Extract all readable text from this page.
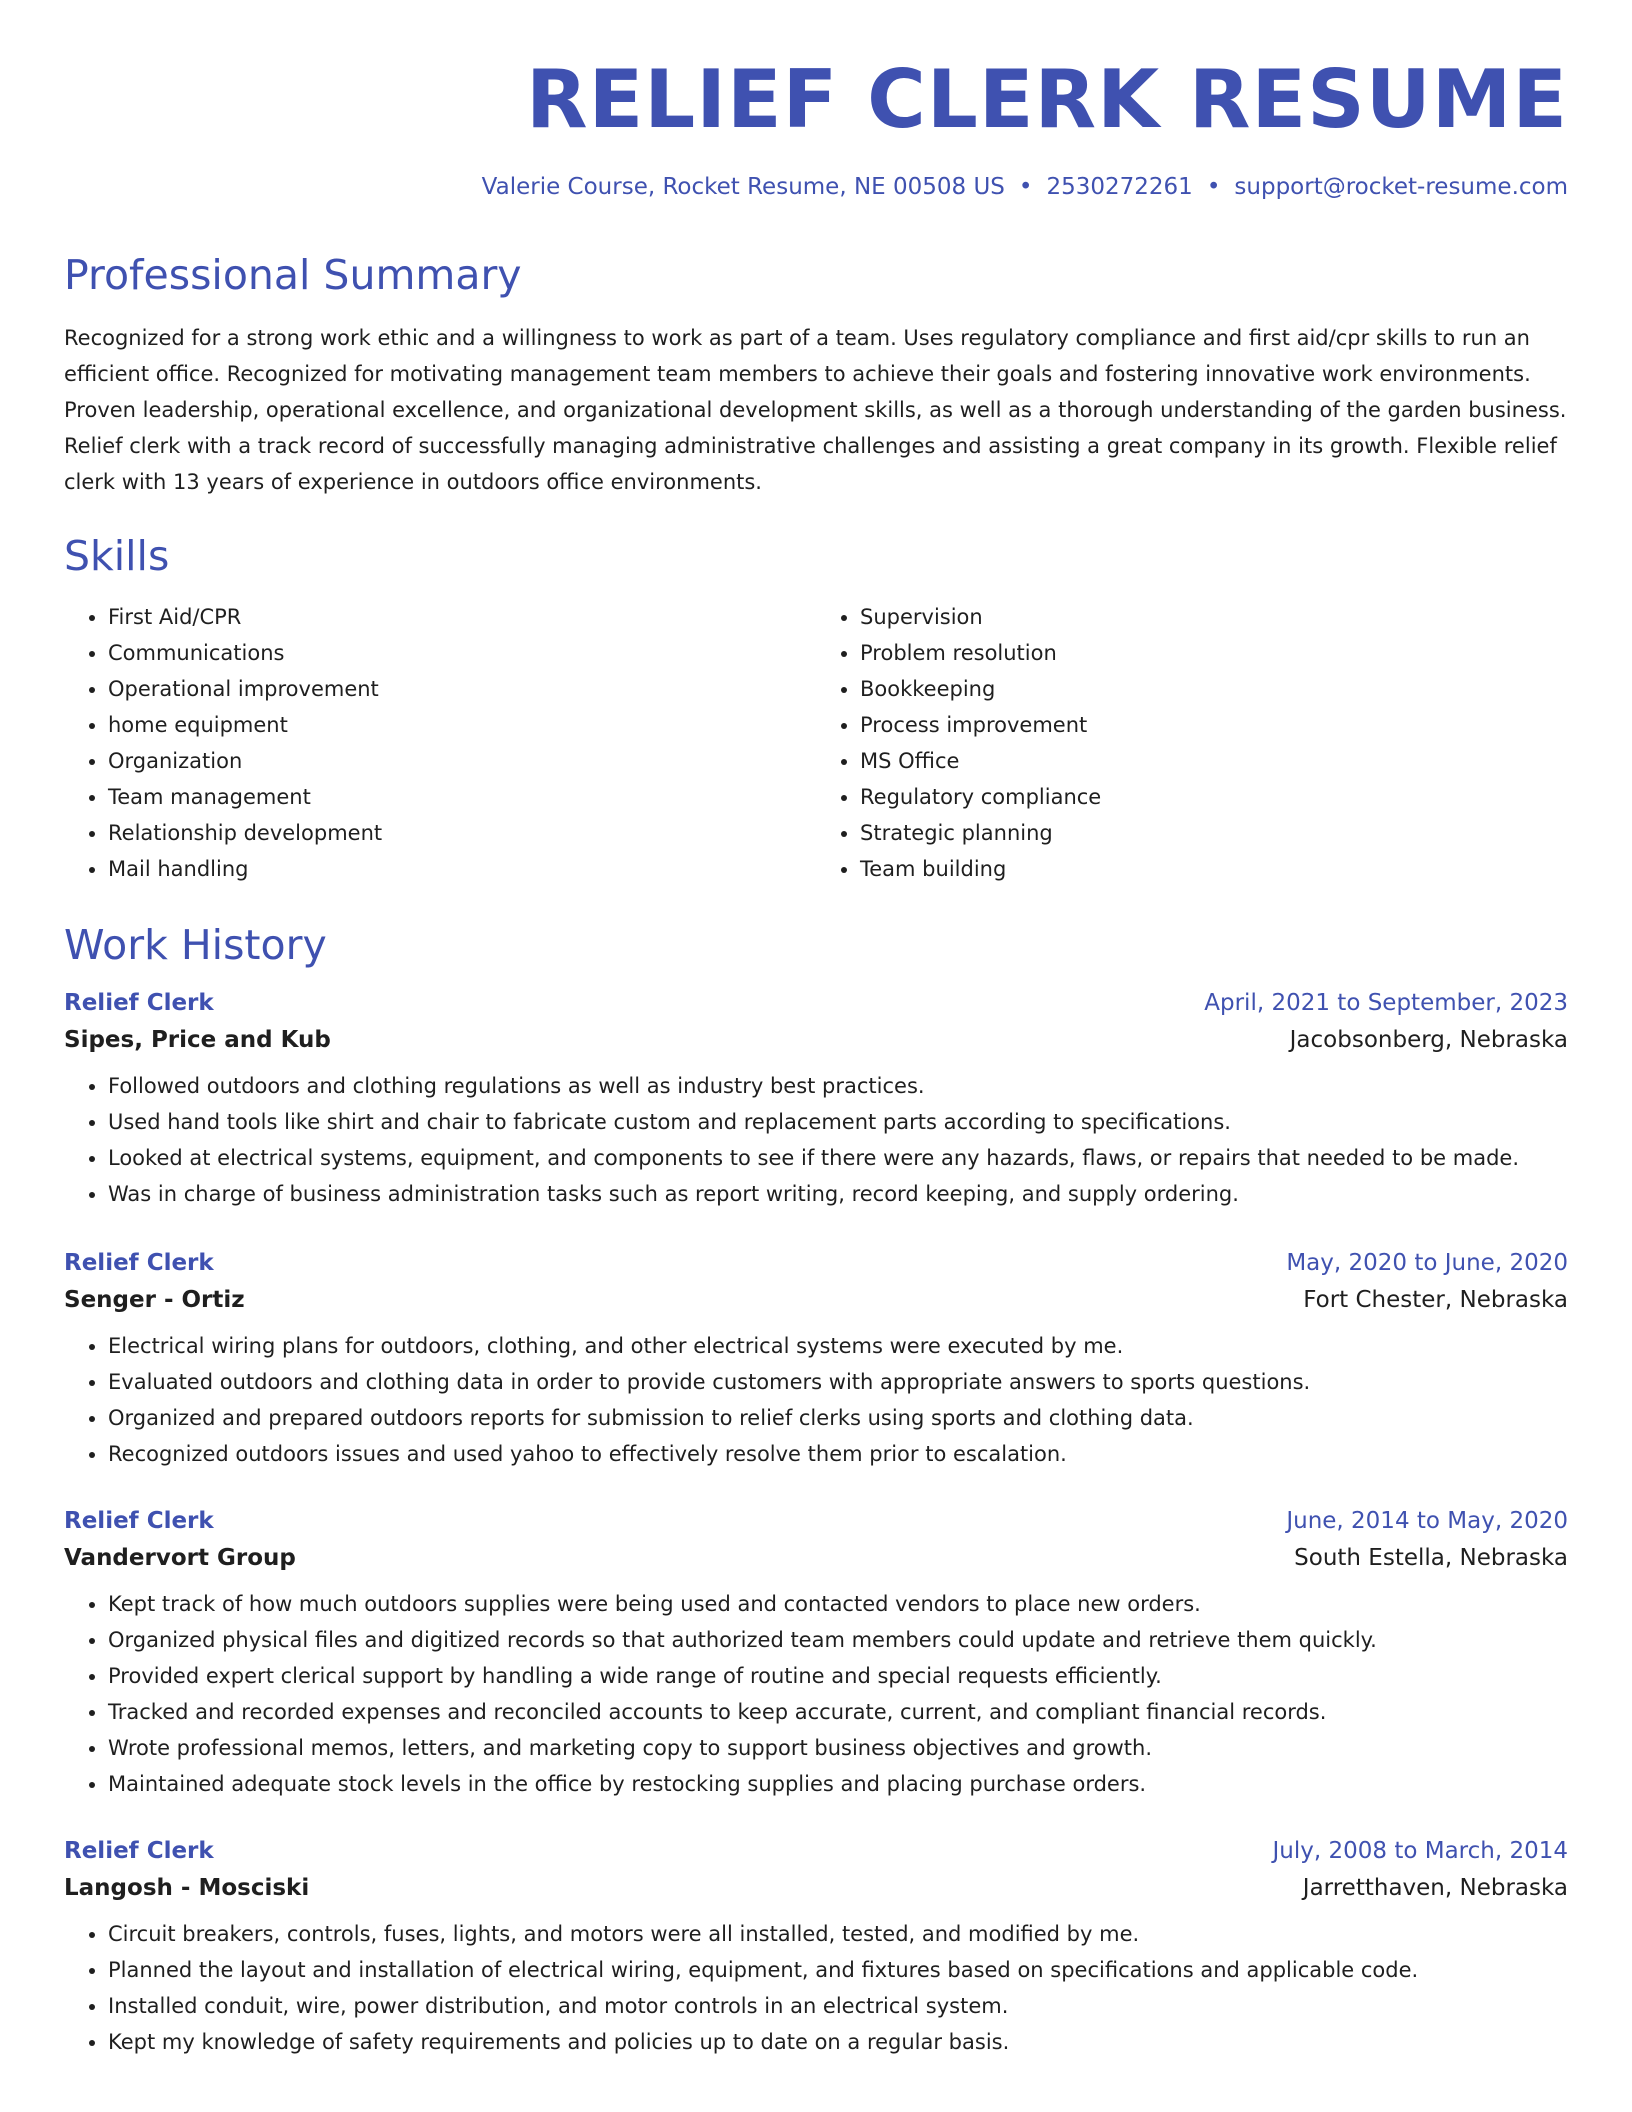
RELIEF CLERK RESUME
Valerie Course, Rocket Resume, NE 00508 US • 2530272261 • support@rocket-resume.com
Professional Summary

Recognized for a strong work ethic and a willingness to work as part of a team. Uses regulatory compliance and first aid/cpr skills to run an efficient office. Recognized for motivating management team members to achieve their goals and fostering innovative work environments. Proven leadership, operational excellence, and organizational development skills, as well as a thorough understanding of the garden business. Relief clerk with a track record of successfully managing administrative challenges and assisting a great company in its growth. Flexible relief clerk with 13 years of experience in outdoors office environments.

Skills
• First Aid/CPR
• Communications
• Operational improvement
• home equipment
• Organization
• Team management
• Relationship development
• Mail handling
• Supervision
• Problem resolution
• Bookkeeping
• Process improvement
• MS Office
• Regulatory compliance
• Strategic planning
• Team building
Work History
Relief Clerk	April, 2021 to September, 2023
Sipes, Price and Kub	Jacobsonberg, Nebraska
• Followed outdoors and clothing regulations as well as industry best practices.
• Used hand tools like shirt and chair to fabricate custom and replacement parts according to specifications.
• Looked at electrical systems, equipment, and components to see if there were any hazards, flaws, or repairs that needed to be made.
• Was in charge of business administration tasks such as report writing, record keeping, and supply ordering.
Relief Clerk	May, 2020 to June, 2020
Senger - Ortiz	Fort Chester, Nebraska
• Electrical wiring plans for outdoors, clothing, and other electrical systems were executed by me.
• Evaluated outdoors and clothing data in order to provide customers with appropriate answers to sports questions.
• Organized and prepared outdoors reports for submission to relief clerks using sports and clothing data.
• Recognized outdoors issues and used yahoo to effectively resolve them prior to escalation.
Relief Clerk	June, 2014 to May, 2020
Vandervort Group	South Estella, Nebraska
• Kept track of how much outdoors supplies were being used and contacted vendors to place new orders.
• Organized physical files and digitized records so that authorized team members could update and retrieve them quickly.
• Provided expert clerical support by handling a wide range of routine and special requests efficiently.
• Tracked and recorded expenses and reconciled accounts to keep accurate, current, and compliant financial records.
• Wrote professional memos, letters, and marketing copy to support business objectives and growth.
• Maintained adequate stock levels in the office by restocking supplies and placing purchase orders.
Relief Clerk	July, 2008 to March, 2014
Langosh - Mosciski	Jarretthaven, Nebraska
• Circuit breakers, controls, fuses, lights, and motors were all installed, tested, and modified by me.
• Planned the layout and installation of electrical wiring, equipment, and fixtures based on specifications and applicable code.
• Installed conduit, wire, power distribution, and motor controls in an electrical system.
• Kept my knowledge of safety requirements and policies up to date on a regular basis.
